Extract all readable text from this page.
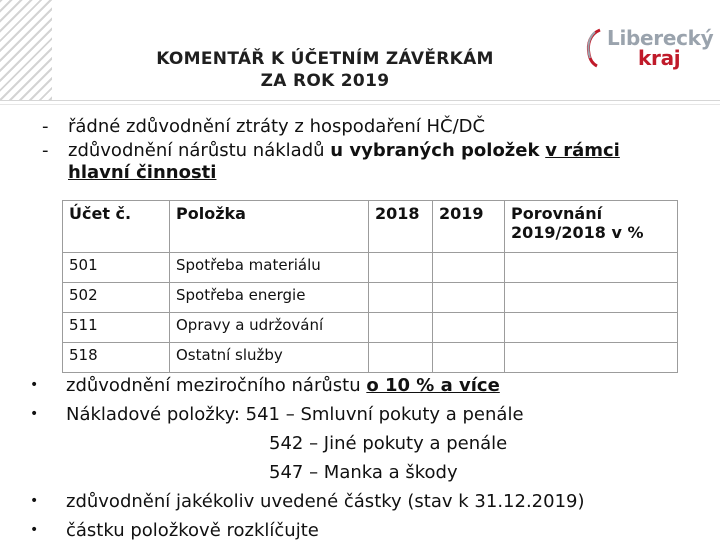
KOMENTÁŘ K ÚČETNÍM ZÁVĚRKÁM
ZA ROK 2019
Liberecký
kraj
- řádné zdůvodnění ztráty z hospodaření HČ/DČ
- zdůvodnění nárůstu nákladů u vybraných položek v rámci hlavní činnosti
Účet č.	Položka	2018	2019	Porovnání 2019/2018 v %
501	Spotřeba materiálu			
502	Spotřeba energie			
511	Opravy a udržování			
518	Ostatní služby			
• zdůvodnění meziročního nárůstu o 10 % a více
• Nákladové položky: 541 – Smluvní pokuty a penále
542 – Jiné pokuty a penále
547 – Manka a škody
• zdůvodnění jakékoliv uvedené částky (stav k 31.12.2019)
• částku položkově rozklíčujte
